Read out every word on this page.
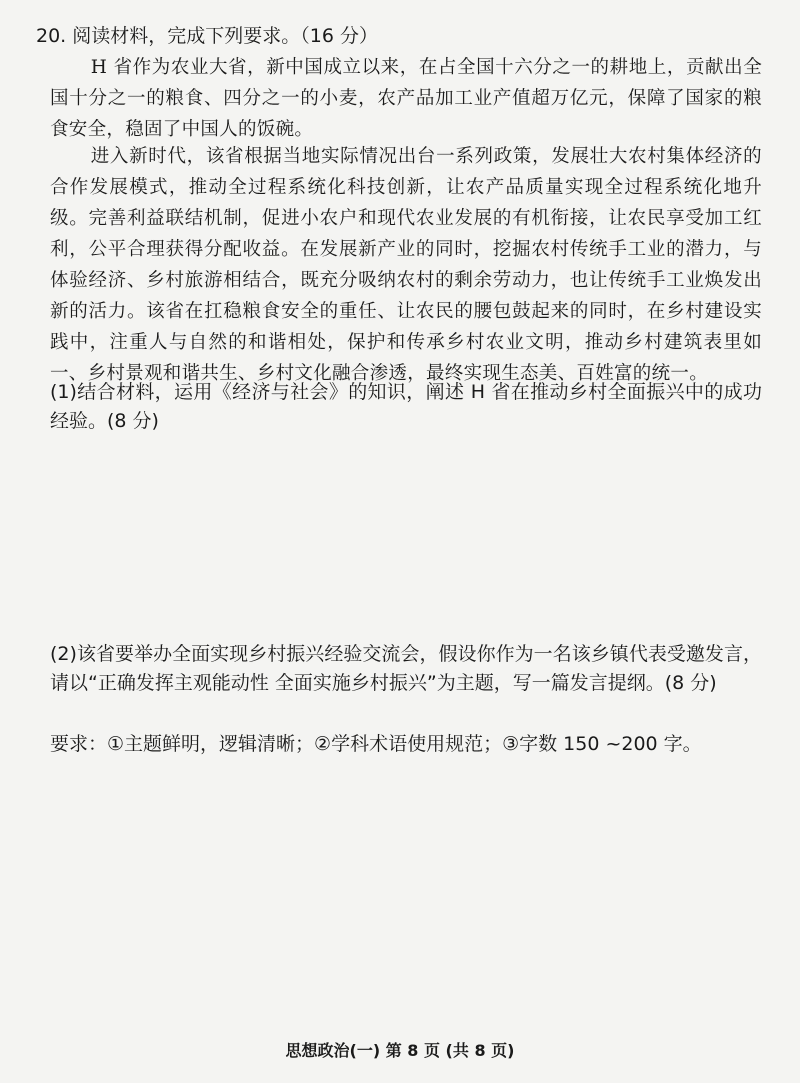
20. 阅读材料，完成下列要求。（16 分）

H 省作为农业大省，新中国成立以来，在占全国十六分之一的耕地上，贡献出全国十分之一的粮食、四分之一的小麦，农产品加工业产值超万亿元，保障了国家的粮食安全，稳固了中国人的饭碗。

进入新时代，该省根据当地实际情况出台一系列政策，发展壮大农村集体经济的合作发展模式，推动全过程系统化科技创新，让农产品质量实现全过程系统化地升级。完善利益联结机制，促进小农户和现代农业发展的有机衔接，让农民享受加工红利，公平合理获得分配收益。在发展新产业的同时，挖掘农村传统手工业的潜力，与体验经济、乡村旅游相结合，既充分吸纳农村的剩余劳动力，也让传统手工业焕发出新的活力。该省在扛稳粮食安全的重任、让农民的腰包鼓起来的同时，在乡村建设实践中，注重人与自然的和谐相处，保护和传承乡村农业文明，推动乡村建筑表里如一、乡村景观和谐共生、乡村文化融合渗透，最终实现生态美、百姓富的统一。

(1)结合材料，运用《经济与社会》的知识，阐述 H 省在推动乡村全面振兴中的成功经验。(8 分)
(2)该省要举办全面实现乡村振兴经验交流会，假设你作为一名该乡镇代表受邀发言，请以“正确发挥主观能动性 全面实施乡村振兴”为主题，写一篇发言提纲。(8 分)
要求：①主题鲜明，逻辑清晰；②学科术语使用规范；③字数 150 ~200 字。
思想政治(一) 第 8 页 (共 8 页)
